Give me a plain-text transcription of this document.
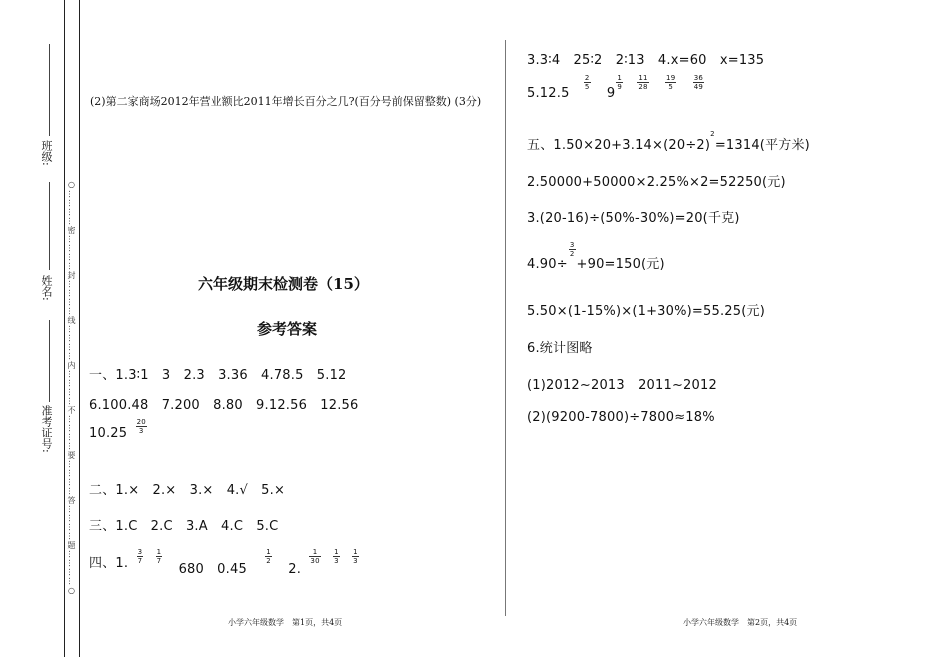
○…………密…………封…………线…………内…………不…………要…………答…………题…………○
班级:
姓名:
准考证号:
(2)第二家商场2012年营业额比2011年增长百分之几?(百分号前保留整数) (3分)
六年级期末检测卷（15）
参考答案
一、1.3∶1　3　2.3　3.36　4.78.5　5.12
6.100.48　7.200　8.80　9.12.56　12.56
$10.25 \frac{20}{3}$
二、1.×　2.×　3.×　4.√　5.×
三、1.C　2.C　3.A　4.C　5.C
四、1. $\frac{3}{7}$
$\frac{1}{7}$
680　0.45
$\frac{1}{2}$
2.
$\frac{1}{30}$
$\frac{1}{3}$
$\frac{1}{3}$
小学六年级数学　第1页，共4页
3.3∶4　25∶2　2∶13　4.x=60　x=135
5.12.5
$\frac{2}{5}$
9
$\frac{1}{9}$
$\frac{11}{28}$
$\frac{19}{5}$
$\frac{36}{49}$
五、$1.50\times 20+3.14\times(20\div 2)^2=1314$(平方米)
2.50000+50000×2.25%×2=52250(元)
3.(20-16)÷(50%-30%)=20(千克)
4.90÷
$\frac{3}{2}$
+90=150(元)
5.50×(1-15%)×(1+30%)=55.25(元)
6.统计图略
(1)2012~2013　2011~2012
(2)(9200-7800)÷7800≈18%
小学六年级数学　第2页，共4页
